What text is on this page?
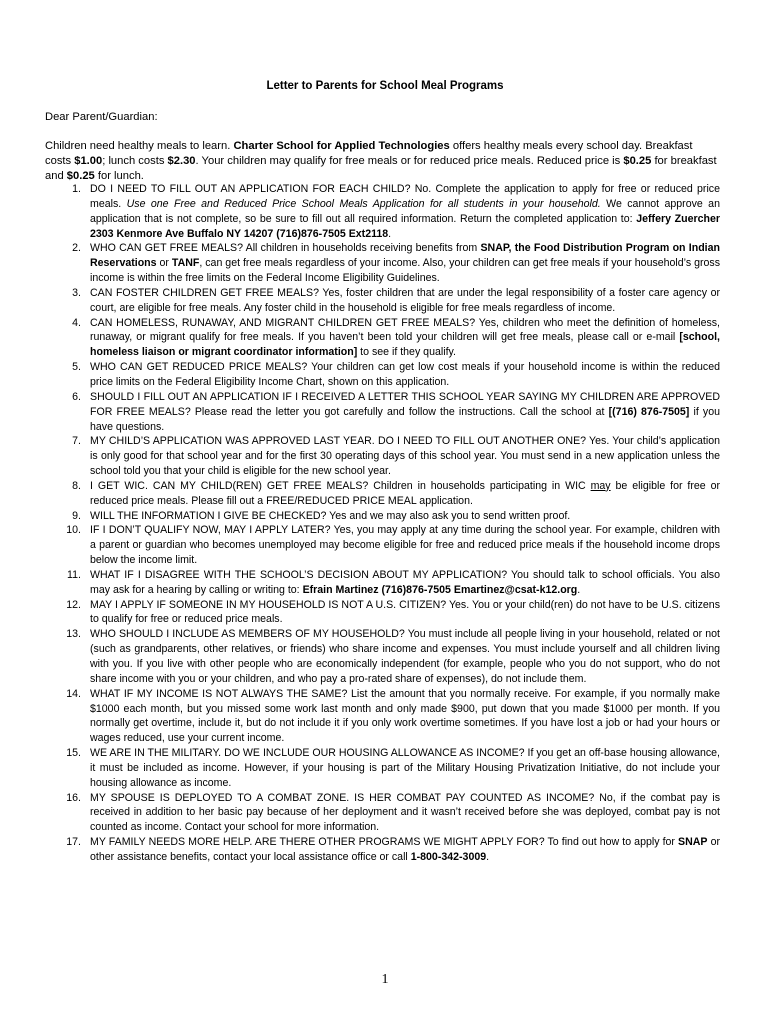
Letter to Parents for School Meal Programs
Dear Parent/Guardian:

Children need healthy meals to learn. Charter School for Applied Technologies offers healthy meals every school day. Breakfast costs $1.00; lunch costs $2.30. Your children may qualify for free meals or for reduced price meals. Reduced price is $0.25 for breakfast and $0.25 for lunch.

1. DO I NEED TO FILL OUT AN APPLICATION FOR EACH CHILD? No. Complete the application to apply for free or reduced price meals. Use one Free and Reduced Price School Meals Application for all students in your household. We cannot approve an application that is not complete, so be sure to fill out all required information. Return the completed application to: Jeffery Zuercher 2303 Kenmore Ave Buffalo NY 14207 (716)876-7505 Ext2118.
2. WHO CAN GET FREE MEALS? All children in households receiving benefits from SNAP, the Food Distribution Program on Indian Reservations or TANF, can get free meals regardless of your income. Also, your children can get free meals if your household’s gross income is within the free limits on the Federal Income Eligibility Guidelines.
3. CAN FOSTER CHILDREN GET FREE MEALS? Yes, foster children that are under the legal responsibility of a foster care agency or court, are eligible for free meals. Any foster child in the household is eligible for free meals regardless of income.
4. CAN HOMELESS, RUNAWAY, AND MIGRANT CHILDREN GET FREE MEALS? Yes, children who meet the definition of homeless, runaway, or migrant qualify for free meals. If you haven’t been told your children will get free meals, please call or e-mail [school, homeless liaison or migrant coordinator information] to see if they qualify.
5. WHO CAN GET REDUCED PRICE MEALS? Your children can get low cost meals if your household income is within the reduced price limits on the Federal Eligibility Income Chart, shown on this application.
6. SHOULD I FILL OUT AN APPLICATION IF I RECEIVED A LETTER THIS SCHOOL YEAR SAYING MY CHILDREN ARE APPROVED FOR FREE MEALS? Please read the letter you got carefully and follow the instructions. Call the school at [(716) 876-7505] if you have questions.
7. MY CHILD’S APPLICATION WAS APPROVED LAST YEAR. DO I NEED TO FILL OUT ANOTHER ONE? Yes. Your child’s application is only good for that school year and for the first 30 operating days of this school year. You must send in a new application unless the school told you that your child is eligible for the new school year.
8. I GET WIC. CAN MY CHILD(REN) GET FREE MEALS? Children in households participating in WIC may be eligible for free or reduced price meals. Please fill out a FREE/REDUCED PRICE MEAL application.
9. WILL THE INFORMATION I GIVE BE CHECKED? Yes and we may also ask you to send written proof.
10. IF I DON’T QUALIFY NOW, MAY I APPLY LATER? Yes, you may apply at any time during the school year. For example, children with a parent or guardian who becomes unemployed may become eligible for free and reduced price meals if the household income drops below the income limit.
11. WHAT IF I DISAGREE WITH THE SCHOOL’S DECISION ABOUT MY APPLICATION? You should talk to school officials. You also may ask for a hearing by calling or writing to: Efrain Martinez (716)876-7505 Emartinez@csat-k12.org.
12. MAY I APPLY IF SOMEONE IN MY HOUSEHOLD IS NOT A U.S. CITIZEN? Yes. You or your child(ren) do not have to be U.S. citizens to qualify for free or reduced price meals.
13. WHO SHOULD I INCLUDE AS MEMBERS OF MY HOUSEHOLD? You must include all people living in your household, related or not (such as grandparents, other relatives, or friends) who share income and expenses. You must include yourself and all children living with you. If you live with other people who are economically independent (for example, people who you do not support, who do not share income with you or your children, and who pay a pro-rated share of expenses), do not include them.
14. WHAT IF MY INCOME IS NOT ALWAYS THE SAME? List the amount that you normally receive. For example, if you normally make $1000 each month, but you missed some work last month and only made $900, put down that you made $1000 per month. If you normally get overtime, include it, but do not include it if you only work overtime sometimes. If you have lost a job or had your hours or wages reduced, use your current income.
15. WE ARE IN THE MILITARY. DO WE INCLUDE OUR HOUSING ALLOWANCE AS INCOME? If you get an off-base housing allowance, it must be included as income. However, if your housing is part of the Military Housing Privatization Initiative, do not include your housing allowance as income.
16. MY SPOUSE IS DEPLOYED TO A COMBAT ZONE. IS HER COMBAT PAY COUNTED AS INCOME? No, if the combat pay is received in addition to her basic pay because of her deployment and it wasn’t received before she was deployed, combat pay is not counted as income. Contact your school for more information.
17. MY FAMILY NEEDS MORE HELP. ARE THERE OTHER PROGRAMS WE MIGHT APPLY FOR? To find out how to apply for SNAP or other assistance benefits, contact your local assistance office or call 1-800-342-3009.
1
